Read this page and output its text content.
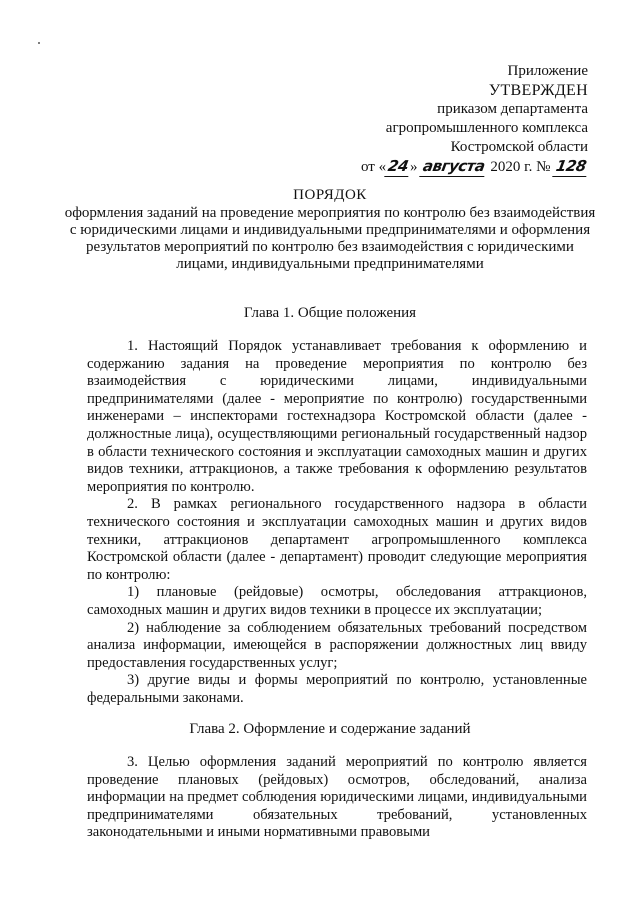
Приложение
УТВЕРЖДЕН
приказом департамента
агропромышленного комплекса
Костромской области
от «24» августа 2020 г. № 128
ПОРЯДОК
оформления заданий на проведение мероприятия по контролю без взаимодействия с юридическими лицами и индивидуальными предпринимателями и оформления результатов мероприятий по контролю без взаимодействия с юридическими лицами, индивидуальными предпринимателями
Глава 1. Общие положения

1. Настоящий Порядок устанавливает требования к оформлению и содержанию задания на проведение мероприятия по контролю без взаимодействия с юридическими лицами, индивидуальными предпринимателями (далее - мероприятие по контролю) государственными инженерами – инспекторами гостехнадзора Костромской области (далее - должностные лица), осуществляющими региональный государственный надзор в области технического состояния и эксплуатации самоходных машин и других видов техники, аттракционов, а также требования к оформлению результатов мероприятия по контролю.

2. В рамках регионального государственного надзора в области технического состояния и эксплуатации самоходных машин и других видов техники, аттракционов департамент агропромышленного комплекса Костромской области (далее - департамент) проводит следующие мероприятия по контролю:

1) плановые (рейдовые) осмотры, обследования аттракционов, самоходных машин и других видов техники в процессе их эксплуатации;

2) наблюдение за соблюдением обязательных требований посредством анализа информации, имеющейся в распоряжении должностных лиц ввиду предоставления государственных услуг;

3) другие виды и формы мероприятий по контролю, установленные федеральными законами.

Глава 2. Оформление и содержание заданий

3. Целью оформления заданий мероприятий по контролю является проведение плановых (рейдовых) осмотров, обследований, анализа информации на предмет соблюдения юридическими лицами, индивидуальными предпринимателями обязательных требований, установленных законодательными и иными нормативными правовыми
